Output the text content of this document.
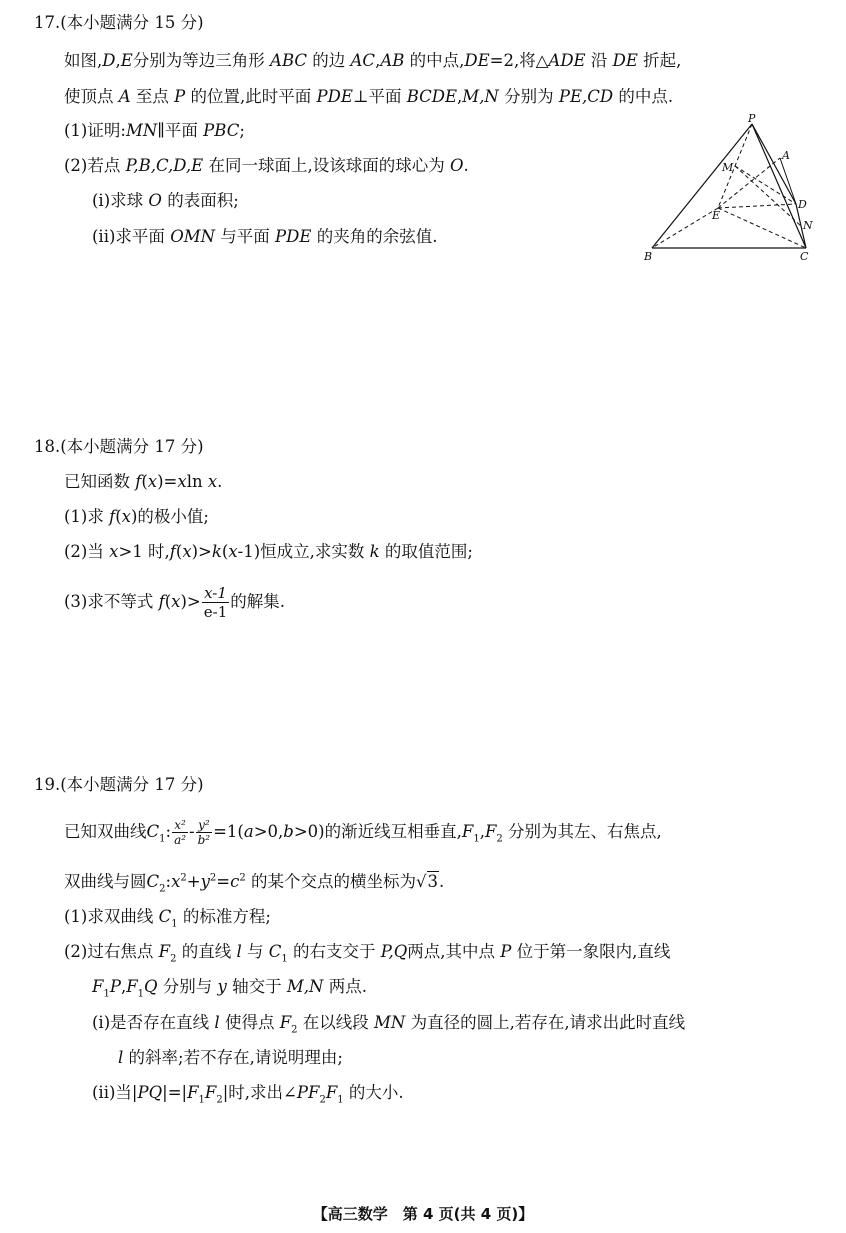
17.(本小题满分 15 分)
如图,D,E分别为等边三角形 ABC 的边 AC,AB 的中点,DE=2,将△ADE 沿 DE 折起,
使顶点 A 至点 P 的位置,此时平面 PDE⊥平面 BCDE,M,N 分别为 PE,CD 的中点.
(1)证明:MN∥平面 PBC;
(2)若点 P,B,C,D,E 在同一球面上,设该球面的球心为 O.
(i)求球 O 的表面积;
(ii)求平面 OMN 与平面 PDE 的夹角的余弦值.
P
A
M
E
D
N
B	C
18.(本小题满分 17 分)
已知函数 f(x)=xln x.
(1)求 f(x)的极小值;
(2)当 x>1 时,f(x)>k(x-1)恒成立,求实数 k 的取值范围;
(3)求不等式 $f(x)> \frac{x-1}{e-1}$ 的解集.
19.(本小题满分 17 分)
已知双曲线$C_1$: $\frac{\text{x²}}{\text{a²}} - \frac{\text{y²}}{\text{b²}} =1(a>0,b>0)$的渐近线互相垂直$,F_1,F_2$ 分别为其左、右焦点,
双曲线与圆$C_2:x^2+y^2=c^2$ 的某个交点的横坐标为√3.
(1)求双曲线 $C_1$ 的标准方程;
(2)过右焦点 $F_2$ 的直线 l 与 $C_1$ 的右支交于 P,Q两点,其中点 P 位于第一象限内,直线
$F_1P,F_1Q$ 分别与 y 轴交于 M,N 两点.
(i)是否存在直线 l 使得点 $F_2$ 在以线段 MN 为直径的圆上,若存在,请求出此时直线
l 的斜率;若不存在,请说明理由;
(ii)当$|PQ|=|F_1F_2|$时,求出$\angle PF_2F_1$ 的大小.
【高三数学　第 4 页(共 4 页)】
